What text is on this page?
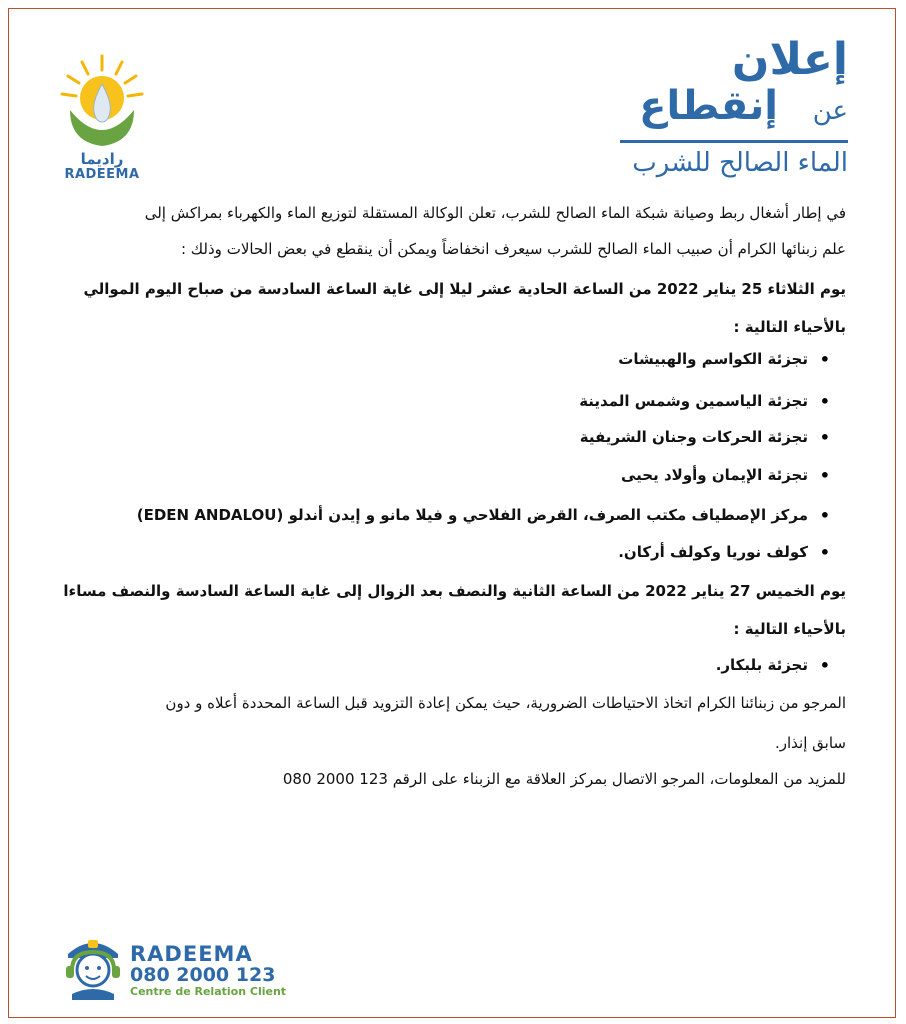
راديما
RADEEMA
إعلان
عن
إنقطاع
الماء الصالح للشرب
في إطار أشغال ربط وصيانة شبكة الماء الصالح للشرب، تعلن الوكالة المستقلة لتوزيع الماء والكهرباء بمراكش إلى
علم زبنائها الكرام أن صبيب الماء الصالح للشرب سيعرف انخفاضاً ويمكن أن ينقطع في بعض الحالات وذلك :
يوم الثلاثاء 25 يناير 2022 من الساعة الحادية عشر ليلا إلى غاية الساعة السادسة من صباح اليوم الموالي
بالأحياء التالية :
•
تجزئة الكواسم والهبيشات
•
تجزئة الياسمين وشمس المدينة
•
تجزئة الحركات وجنان الشريفية
•
تجزئة الإيمان وأولاد يحيى
•
مركز الإصطياف مكتب الصرف، القرض الفلاحي و فيلا مانو و إيدن أندلو (EDEN ANDALOU)
•
كولف نوريا وكولف أركان.
يوم الخميس 27 يناير 2022 من الساعة الثانية والنصف بعد الزوال إلى غاية الساعة السادسة والنصف مساءا
بالأحياء التالية :
•
تجزئة بلبكار.
المرجو من زبنائنا الكرام اتخاذ الاحتياطات الضرورية، حيث يمكن إعادة التزويد قبل الساعة المحددة أعلاه و دون
سابق إنذار.
للمزيد من المعلومات، المرجو الاتصال بمركز العلاقة مع الزبناء على الرقم 123 2000 080
RADEEMA
080 2000 123
Centre de Relation Client
